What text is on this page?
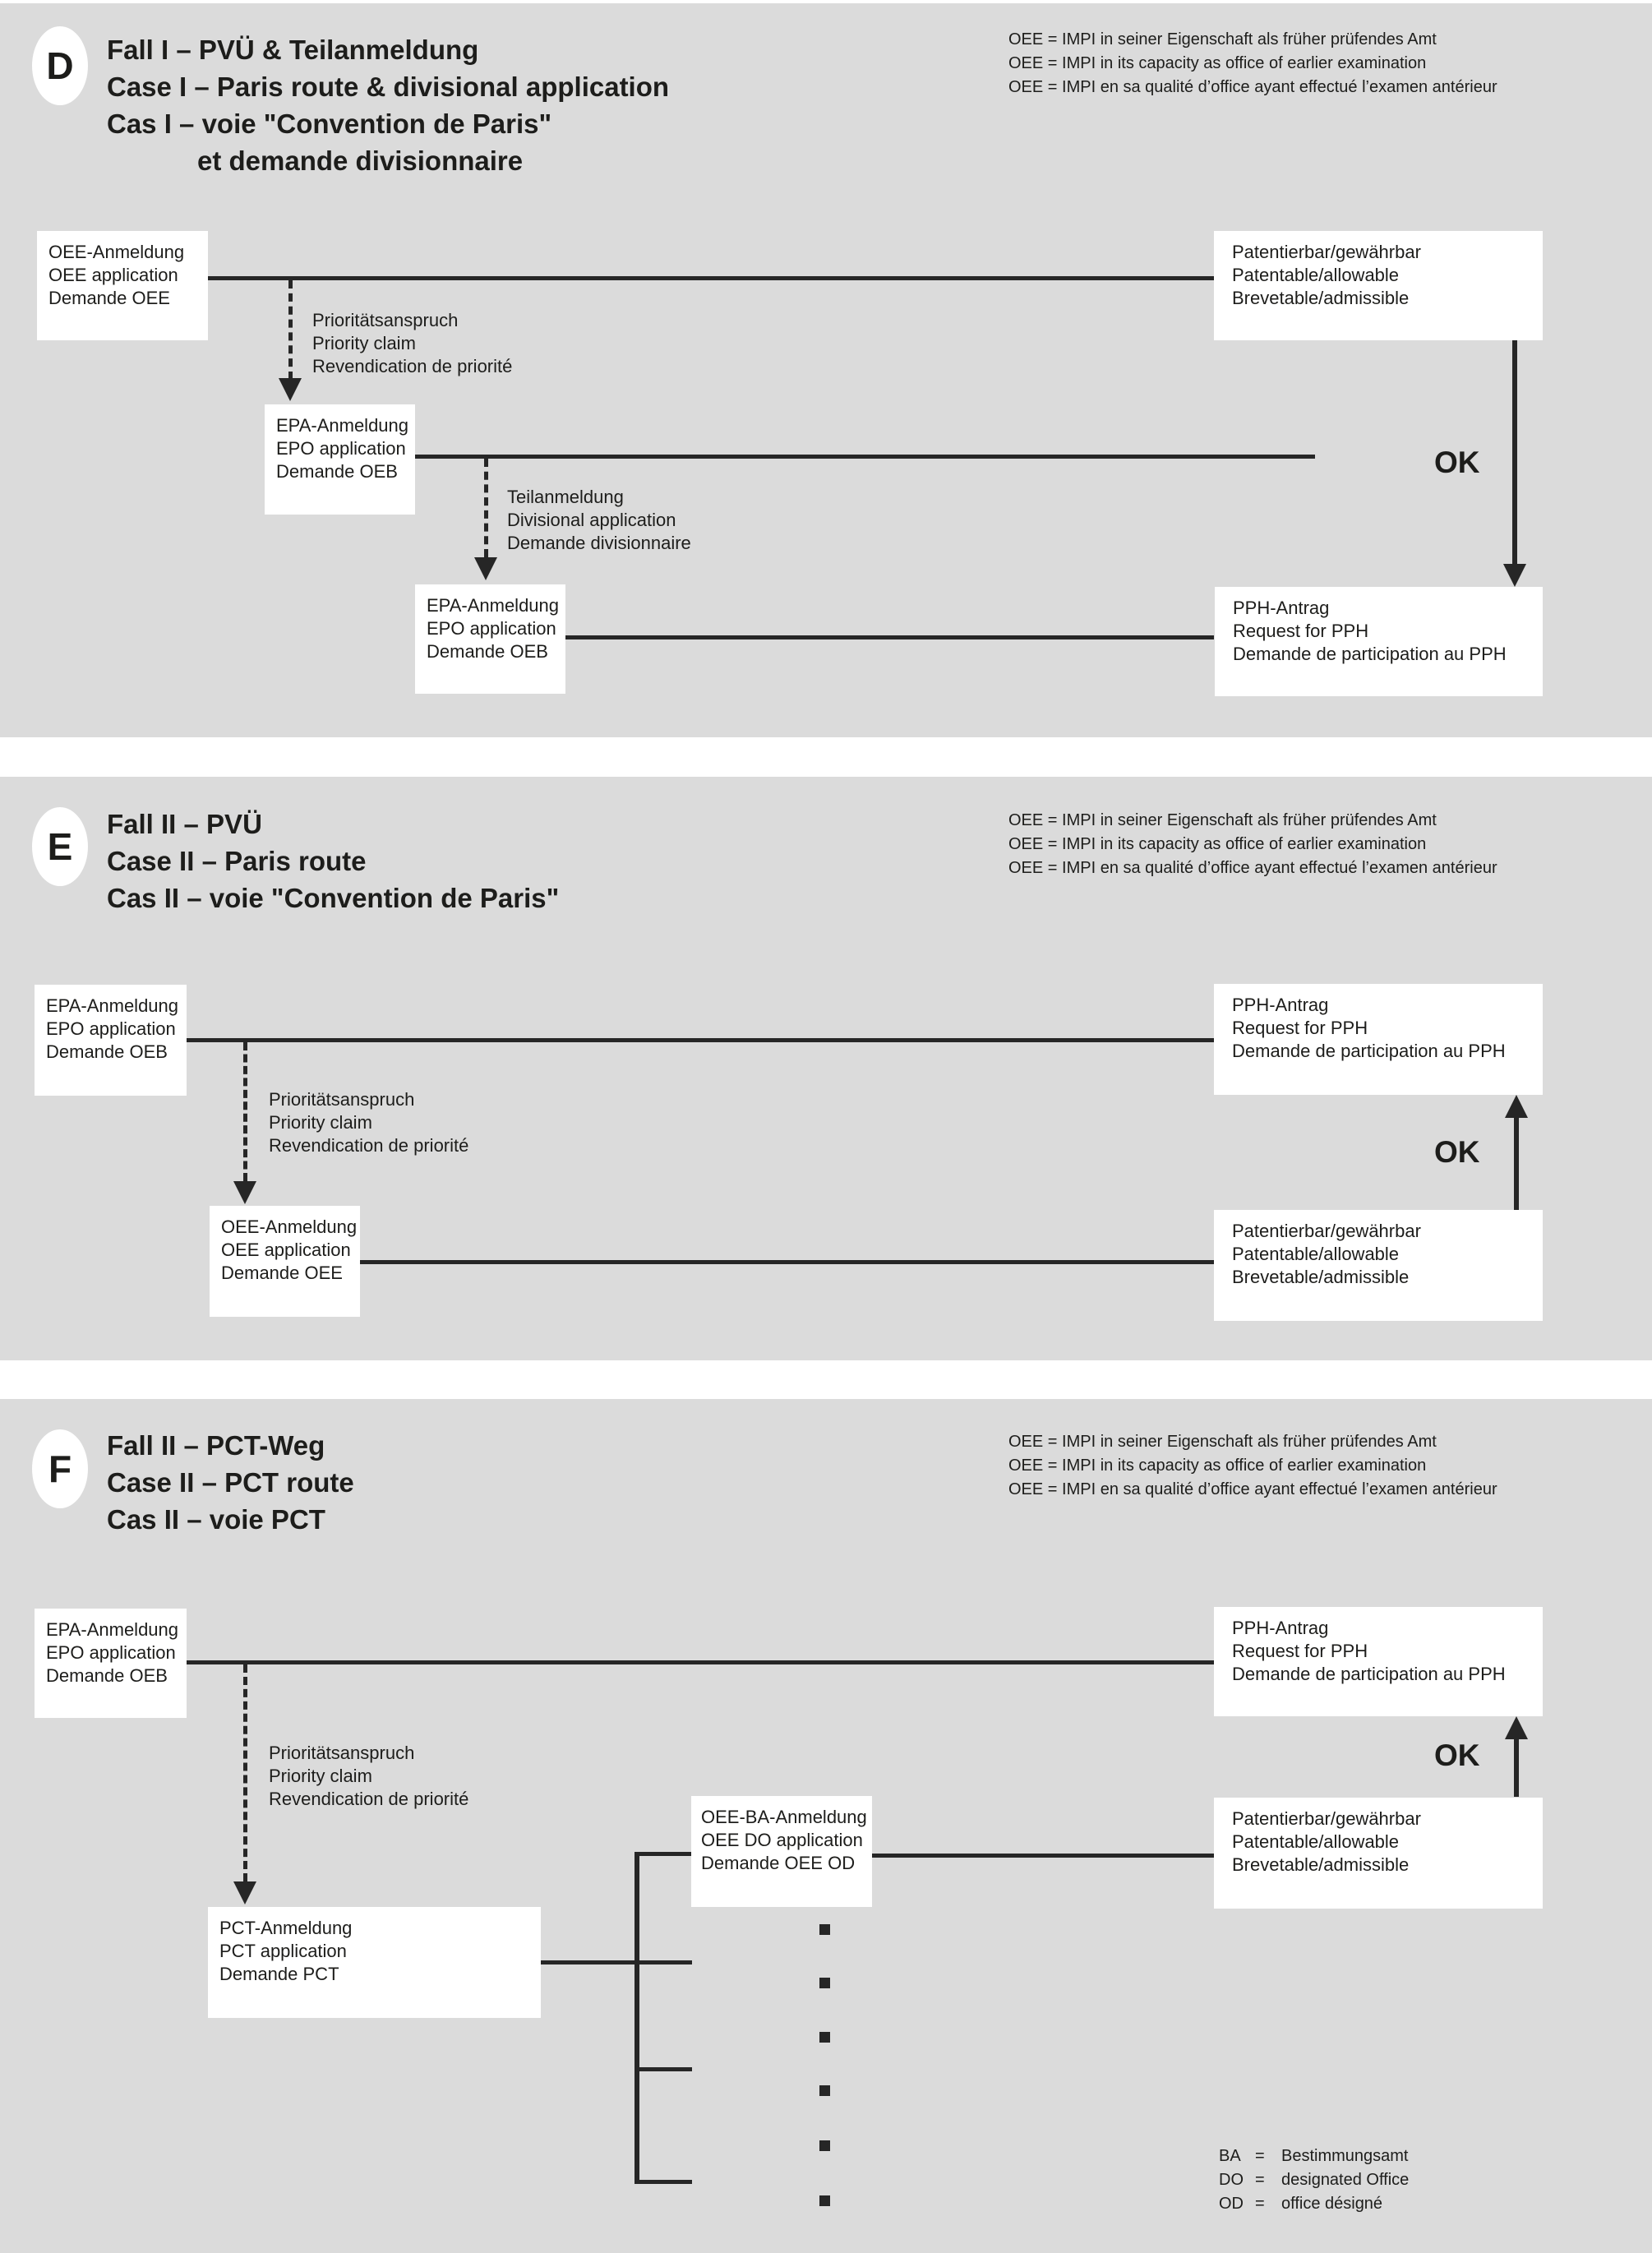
D Fall I – PVÜ & Teilanmeldung
Case I – Paris route & divisional application
Cas I – voie "Convention de Paris"
et demande divisionnaire
OEE = IMPI in seiner Eigenschaft als früher prüfendes Amt
OEE = IMPI in its capacity as office of earlier examination
OEE = IMPI en sa qualité d’office ayant effectué l’examen antérieur
Prioritätsanspruch
Priority claim
Revendication de priorité
Teilanmeldung
Divisional application
Demande divisionnaire
OK
OEE-Anmeldung
OEE application
Demande OEE
EPA-Anmeldung
EPO application
Demande OEB
EPA-Anmeldung
EPO application
Demande OEB
Patentierbar/gewährbar
Patentable/allowable
Brevetable/admissible
PPH-Antrag
Request for PPH
Demande de participation au PPH
E
Fall II – PVÜ
Case II – Paris route
Cas II – voie "Convention de Paris"
OEE = IMPI in seiner Eigenschaft als früher prüfendes Amt
OEE = IMPI in its capacity as office of earlier examination
OEE = IMPI en sa qualité d’office ayant effectué l’examen antérieur
Prioritätsanspruch
Priority claim
Revendication de priorité	OK
EPA-Anmeldung
EPO application
Demande OEB
OEE-Anmeldung
OEE application
Demande OEE
PPH-Antrag
Request for PPH
Demande de participation au PPH
Patentierbar/gewährbar
Patentable/allowable
Brevetable/admissible
F
Fall II – PCT-Weg
Case II – PCT route
Cas II – voie PCT
OEE = IMPI in seiner Eigenschaft als früher prüfendes Amt
OEE = IMPI in its capacity as office of earlier examination
OEE = IMPI en sa qualité d’office ayant effectué l’examen antérieur
Prioritätsanspruch
Priority claim
Revendication de priorité
OK
EPA-Anmeldung
EPO application
Demande OEB
PCT-Anmeldung
PCT application
Demande PCT
OEE-BA-Anmeldung
OEE DO application
Demande OEE OD
PPH-Antrag
Request for PPH
Demande de participation au PPH
Patentierbar/gewährbar
Patentable/allowable
Brevetable/admissible
BA =	Bestimmungsamt
DO =	designated Office
OD =	office désigné
